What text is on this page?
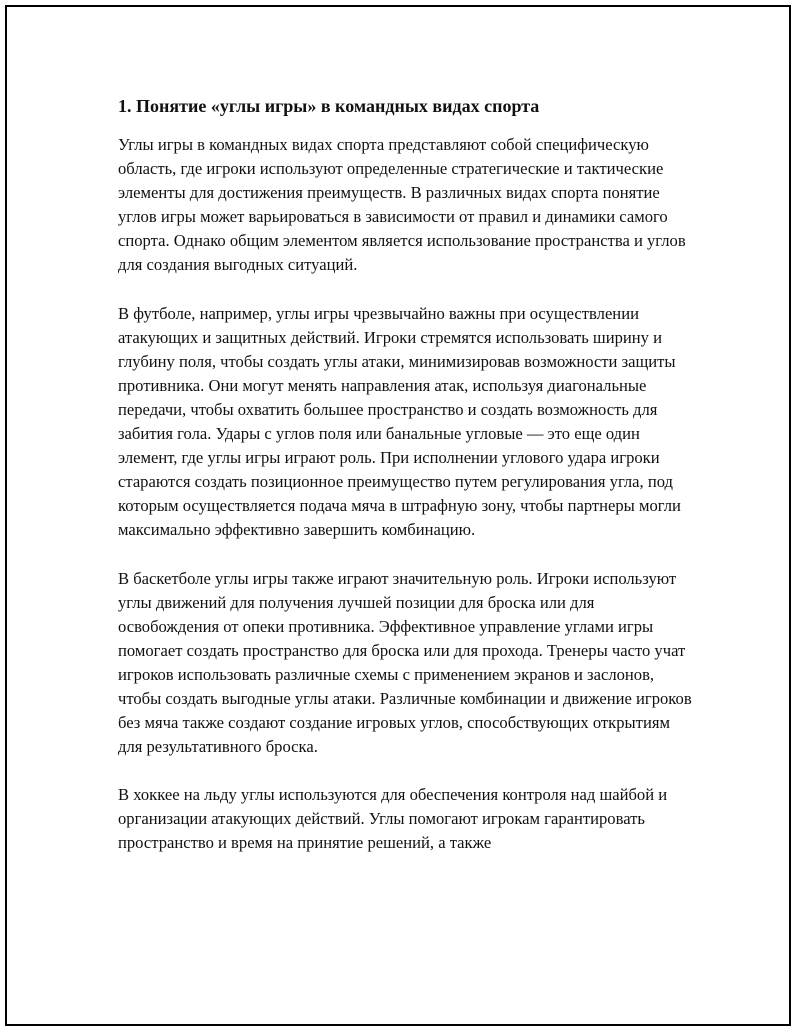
1. Понятие «углы игры» в командных видах спорта

Углы игры в командных видах спорта представляют собой специфическую область, где игроки используют определенные стратегические и тактические элементы для достижения преимуществ. В различных видах спорта понятие углов игры может варьироваться в зависимости от правил и динамики самого спорта. Однако общим элементом является использование пространства и углов для создания выгодных ситуаций.

В футболе, например, углы игры чрезвычайно важны при осуществлении атакующих и защитных действий. Игроки стремятся использовать ширину и глубину поля, чтобы создать углы атаки, минимизировав возможности защиты противника. Они могут менять направления атак, используя диагональные передачи, чтобы охватить большее пространство и создать возможность для забития гола. Удары с углов поля или банальные угловые — это еще один элемент, где углы игры играют роль. При исполнении углового удара игроки стараются создать позиционное преимущество путем регулирования угла, под которым осуществляется подача мяча в штрафную зону, чтобы партнеры могли максимально эффективно завершить комбинацию.

В баскетболе углы игры также играют значительную роль. Игроки используют углы движений для получения лучшей позиции для броска или для освобождения от опеки противника. Эффективное управление углами игры помогает создать пространство для броска или для прохода. Тренеры часто учат игроков использовать различные схемы с применением экранов и заслонов, чтобы создать выгодные углы атаки. Различные комбинации и движение игроков без мяча также создают создание игровых углов, способствующих открытиям для результативного броска.

В хоккее на льду углы используются для обеспечения контроля над шайбой и организации атакующих действий. Углы помогают игрокам гарантировать пространство и время на принятие решений, а также
